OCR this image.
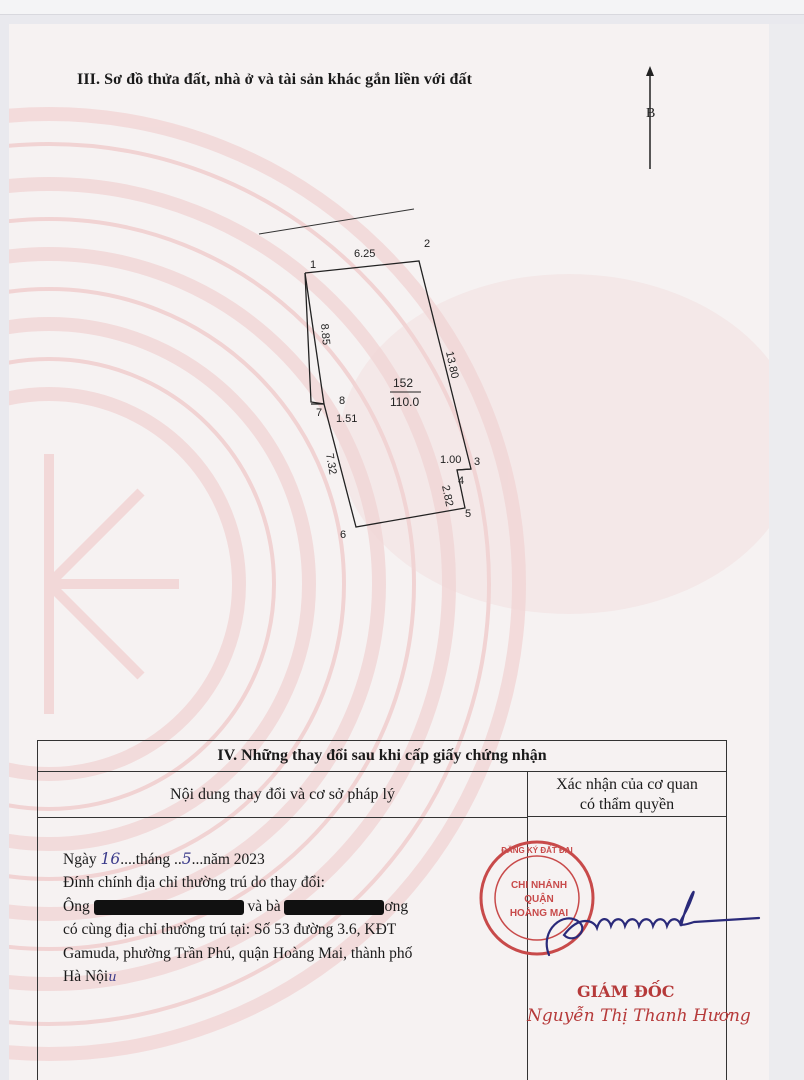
III. Sơ đồ thửa đất, nhà ở và tài sản khác gắn liền với đất
B
1
2
3
4
5
6
7
8
6.25
13.80
8.85
1.51
7.32	1.00
2.82
152
110.0
IV. Những thay đổi sau khi cấp giấy chứng nhận
Nội dung thay đổi và cơ sở pháp lý
Xác nhận của cơ quan
có thẩm quyền
Ngày 16....tháng ..5...năm 2023
Đính chính địa chỉ thường trú do thay đổi:
Ông	và bà	ơng
có cùng địa chỉ thường trú tại: Số 53 đường 3.6, KĐT
Gamuda, phường Trần Phú, quận Hoàng Mai, thành phố
Hà Nộiu
ĐĂNG KÝ ĐẤT ĐAI
CHI NHÁNH
QUẬN
HOÀNG MAI
GIÁM ĐỐC
Nguyễn Thị Thanh Hương
